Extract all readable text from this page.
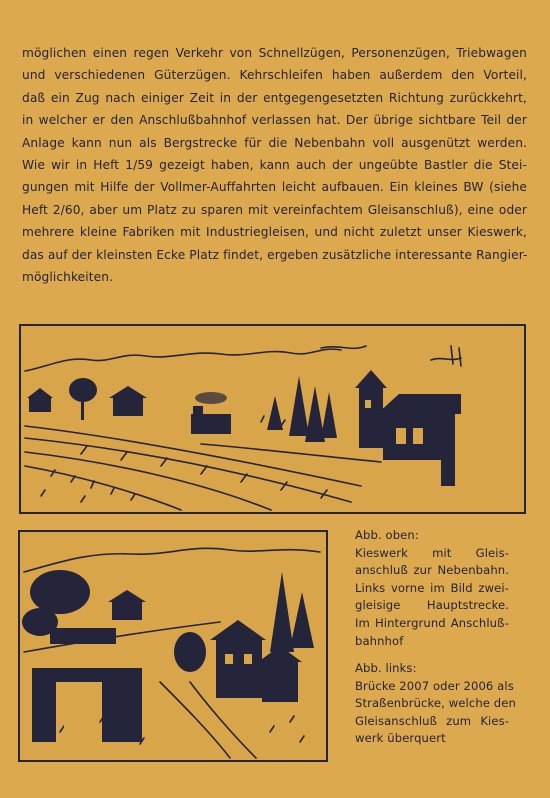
möglichen einen regen Verkehr von Schnellzügen, Personenzügen, Triebwagen
und verschiedenen Güterzügen. Kehrschleifen haben außerdem den Vorteil,
daß ein Zug nach einiger Zeit in der entgegengesetzten Richtung zurückkehrt,
in welcher er den Anschlußbahnhof verlassen hat. Der übrige sichtbare Teil der
Anlage kann nun als Bergstrecke für die Nebenbahn voll ausgenützt werden.
Wie wir in Heft 1/59 gezeigt haben, kann auch der ungeübte Bastler die Stei-
gungen mit Hilfe der Vollmer-Auffahrten leicht aufbauen. Ein kleines BW (siehe
Heft 2/60, aber um Platz zu sparen mit vereinfachtem Gleisanschluß), eine oder
mehrere kleine Fabriken mit Industriegleisen, und nicht zuletzt unser Kieswerk,
das auf der kleinsten Ecke Platz findet, ergeben zusätzliche interessante Rangier-
möglichkeiten.
Abb. oben:
Kieswerk mit Gleis-
anschluß zur Nebenbahn.
Links vorne im Bild zwei-
gleisige Hauptstrecke.
Im Hintergrund Anschluß-
bahnhof
Abb. links:
Brücke 2007 oder 2006 als
Straßenbrücke, welche den
Gleisanschluß zum Kies-
werk überquert
